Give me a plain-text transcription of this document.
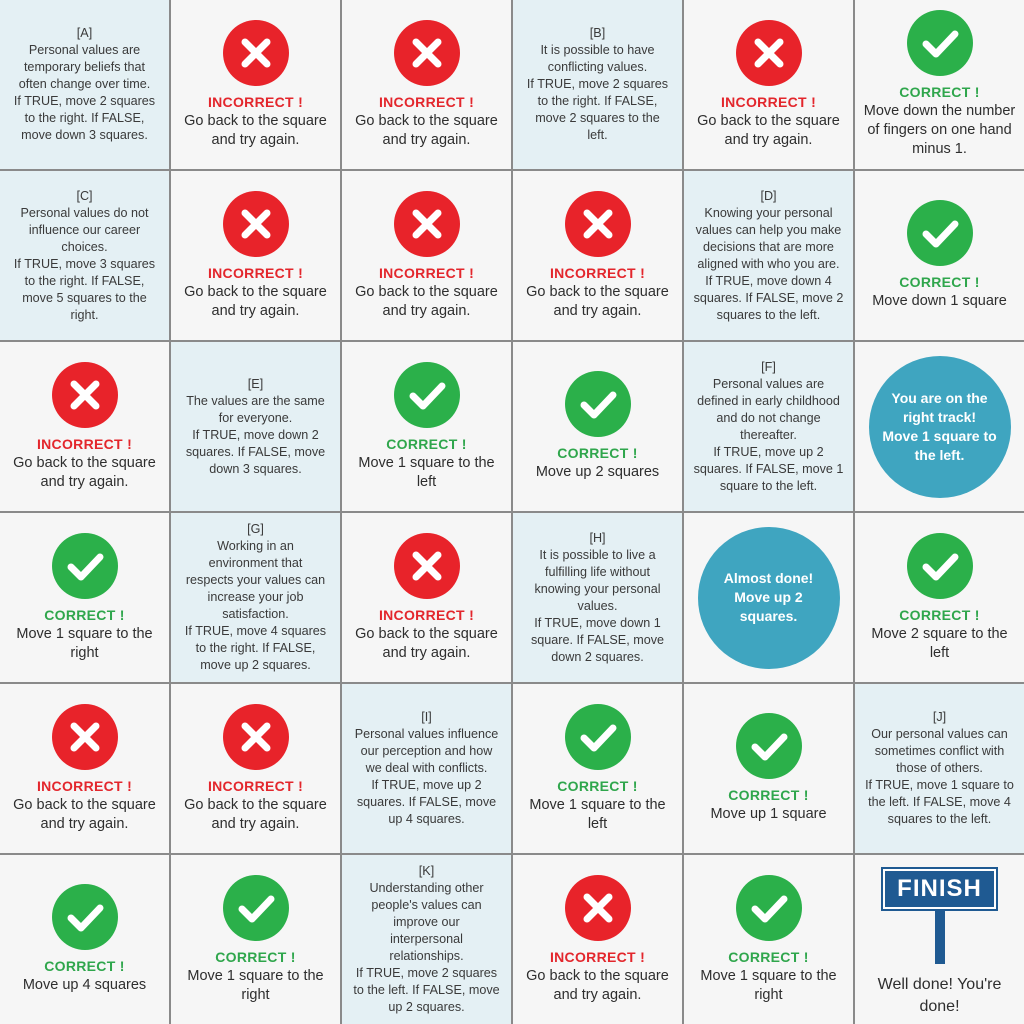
[A]
Personal values are
temporary beliefs that
often change over time.
If TRUE, move 2 squares
to the right. If FALSE,
move down 3 squares.
INCORRECT !
Go back to the square
and try again.
INCORRECT !
Go back to the square
and try again.
[B]
It is possible to have
conflicting values.
If TRUE, move 2 squares
to the right. If FALSE,
move 2 squares to the
left.
INCORRECT !
Go back to the square
and try again.
CORRECT !
Move down the number
of fingers on one hand
minus 1.
[C]
Personal values do not
influence our career
choices.
If TRUE, move 3 squares
to the right. If FALSE,
move 5 squares to the
right.
INCORRECT !
Go back to the square
and try again.
INCORRECT !
Go back to the square
and try again.
INCORRECT !
Go back to the square
and try again.
[D]
Knowing your personal
values can help you make
decisions that are more
aligned with who you are.
If TRUE, move down 4
squares. If FALSE, move 2
squares to the left.
CORRECT !
Move down 1 square
INCORRECT !
Go back to the square
and try again.
[E]
The values are the same
for everyone.
If TRUE, move down 2
squares. If FALSE, move
down 3 squares.
CORRECT !
Move 1 square to the
left
CORRECT !
Move up 2 squares
[F]
Personal values are
defined in early childhood
and do not change
thereafter.
If TRUE, move up 2
squares. If FALSE, move 1
square to the left.
You are on the
right track!
Move 1 square to
the left.
CORRECT !
Move 1 square to the
right
[G]
Working in an
environment that
respects your values can
increase your job
satisfaction.
If TRUE, move 4 squares
to the right. If FALSE,
move up 2 squares.
INCORRECT !
Go back to the square
and try again.
[H]
It is possible to live a
fulfilling life without
knowing your personal
values.
If TRUE, move down 1
square. If FALSE, move
down 2 squares.
Almost done!
Move up 2
squares.	CORRECT !
Move 2 square to the
left
INCORRECT !
Go back to the square
and try again.
INCORRECT !
Go back to the square
and try again.
[I]
Personal values influence
our perception and how
we deal with conflicts.
If TRUE, move up 2
squares. If FALSE, move
up 4 squares.
CORRECT !
Move 1 square to the
left
CORRECT !
Move up 1 square
[J]
Our personal values can
sometimes conflict with
those of others.
If TRUE, move 1 square to
the left. If FALSE, move 4
squares to the left.
CORRECT !
Move up 4 squares
CORRECT !
Move 1 square to the
right
[K]
Understanding other
people's values can
improve our
interpersonal
relationships.
If TRUE, move 2 squares
to the left. If FALSE, move
up 2 squares.
INCORRECT !
Go back to the square
and try again.
CORRECT !
Move 1 square to the
right
FINISH
Well done! You're
done!
